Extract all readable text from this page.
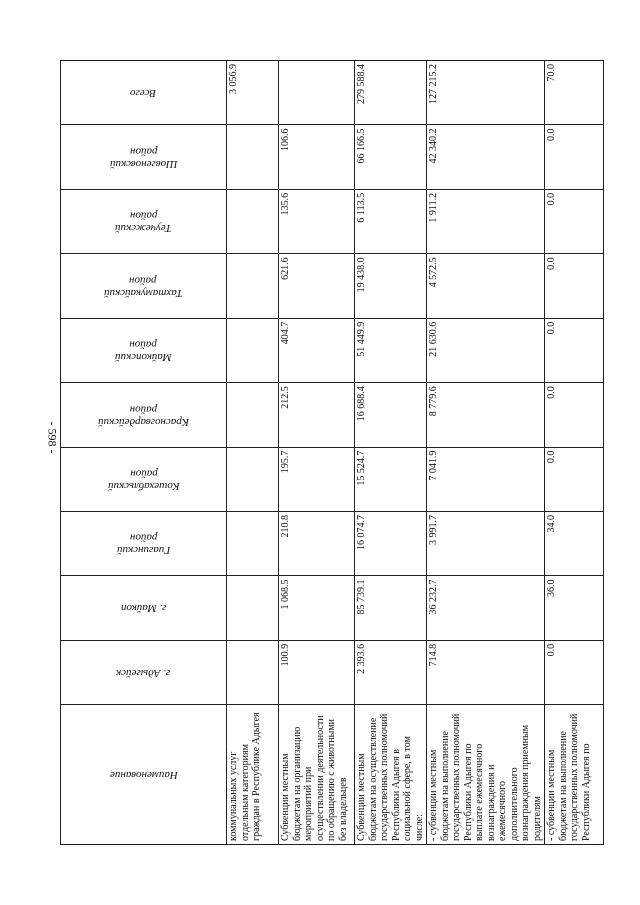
- 598 -
Наименование	г. Адыгейск	г. Майкоп	Гиагинский
район	Кошехабльский
район	Красногвардейский
район	Майкопский
район	Тахтамукайский
район	Теучежский
район	Шовгеновский
район	Всего

коммунальных услуг отдельным категориям граждан в Республике Адыгея										3 056.9
Субвенции местным бюджетам на организацию мероприятий при осуществлении деятельности по обращению с животными без владельцев	100.9	1 068.5	210.8	195.7	212.5	404.7	621.6	135.6	106.6	
Субвенции местным бюджетам на осуществление государственных полномочий Республики Адыгея в социальной сфере, в том числе:	2 393.6	85 739.1	16 074.7	15 524.7	16 688.4	51 449.9	19 438.0	6 113.5	66 166.5	279 588.4
- субвенции местным бюджетам на выполнение государственных полномочий Республики Адыгея по выплате ежемесячного вознаграждения и ежемесячного дополнительного вознаграждения приемным родителям	714.8	36 232.7	3 991.7	7 041.9	8 779.6	21 630.6	4 572.5	1 911.2	42 340.2	127 215.2
- субвенции местным бюджетам на выполнение государственных полномочий Республики Адыгея по	0.0	36.0	34.0	0.0	0.0	0.0	0.0	0.0	0.0	70.0
